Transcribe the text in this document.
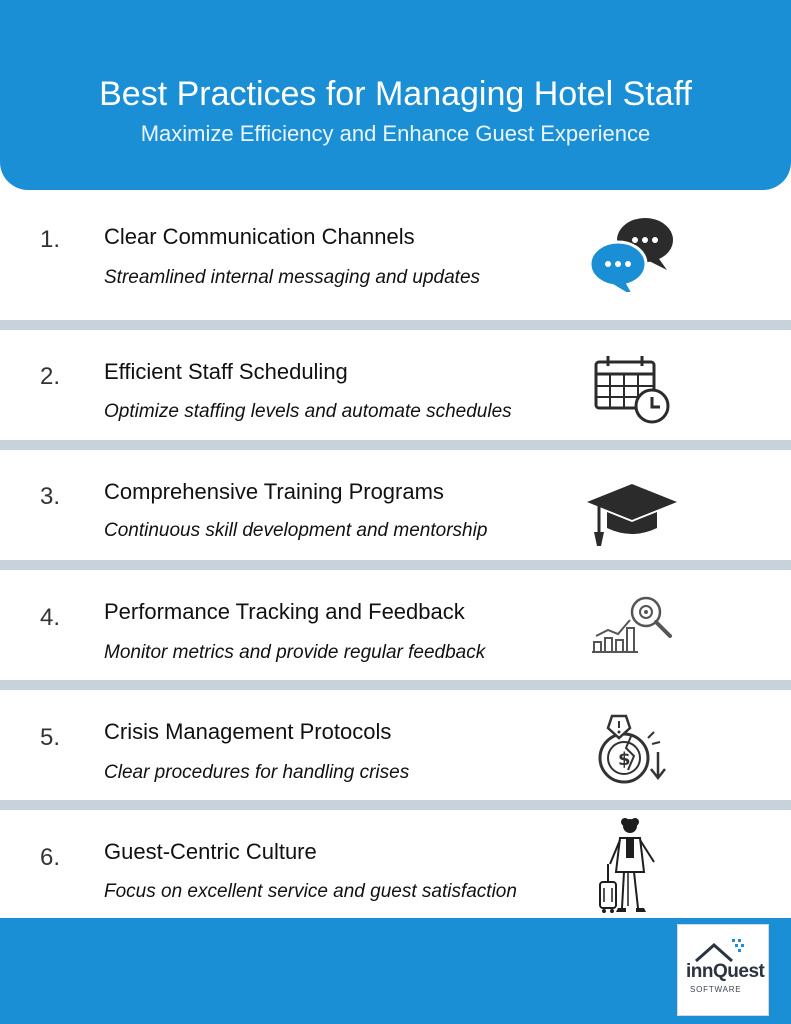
Best Practices for Managing Hotel Staff
Maximize Efficiency and Enhance Guest Experience
1. Clear Communication Channels
Streamlined internal messaging and updates
2. Efficient Staff Scheduling
Optimize staffing levels and automate schedules
3. Comprehensive Training Programs
Continuous skill development and mentorship
4. Performance Tracking and Feedback
Monitor metrics and provide regular feedback
5. Crisis Management Protocols
Clear procedures for handling crises
$
6. Guest-Centric Culture
Focus on excellent service and guest satisfaction
innQuest
SOFTWARE
